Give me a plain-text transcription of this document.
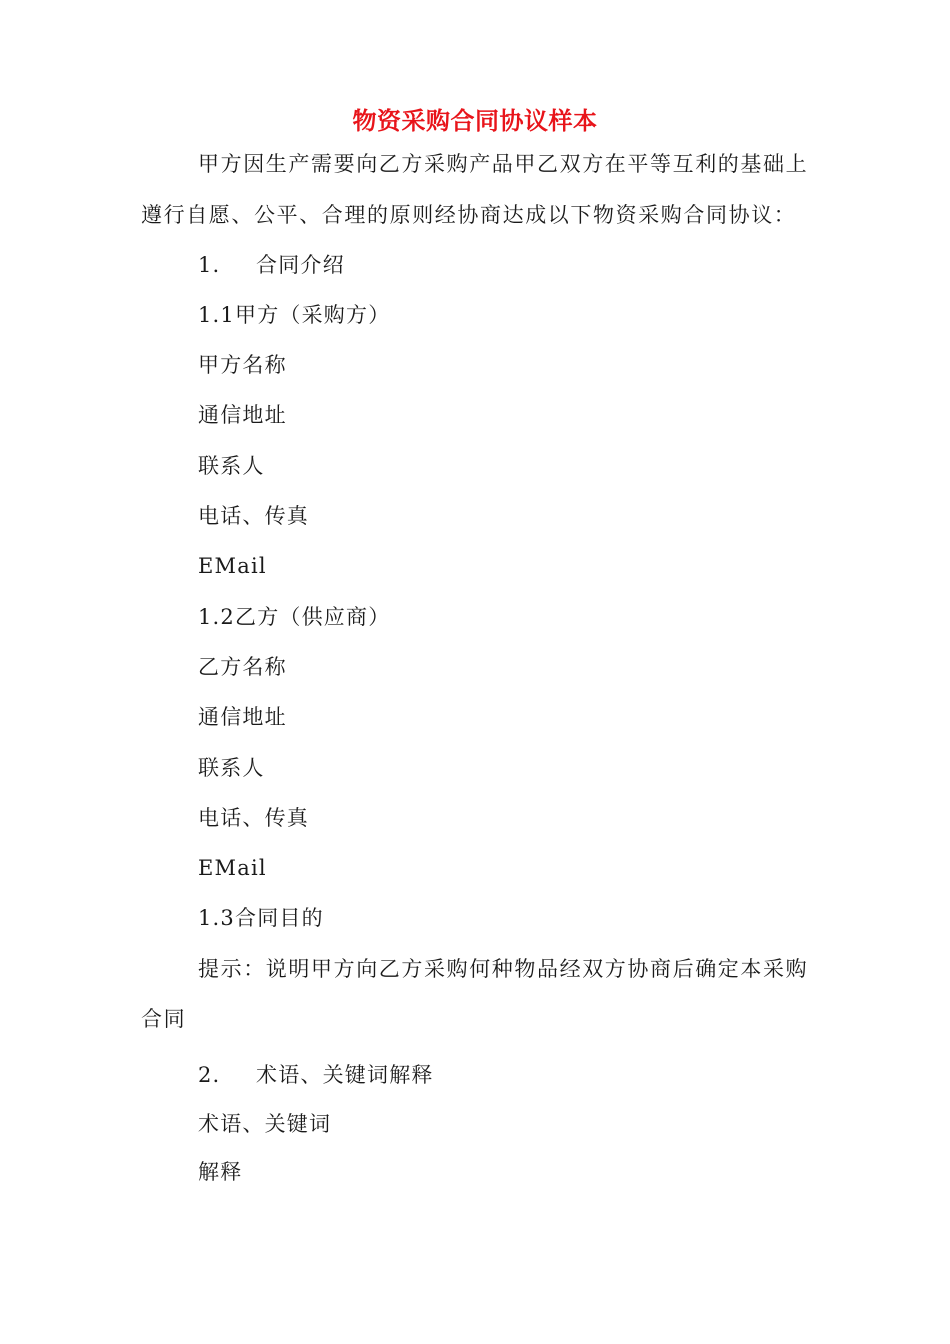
物资采购合同协议样本
甲方因生产需要向乙方采购产品甲乙双方在平等互利的基础上
遵行自愿、公平、合理的原则经协商达成以下物资采购合同协议：
1. 合同介绍
1.1甲方（采购方）
甲方名称
通信地址
联系人
电话、传真
EMail
1.2乙方（供应商）
乙方名称
通信地址
联系人
电话、传真
EMail
1.3合同目的
提示：说明甲方向乙方采购何种物品经双方协商后确定本采购
合同
2. 术语、关键词解释
术语、关键词
解释
